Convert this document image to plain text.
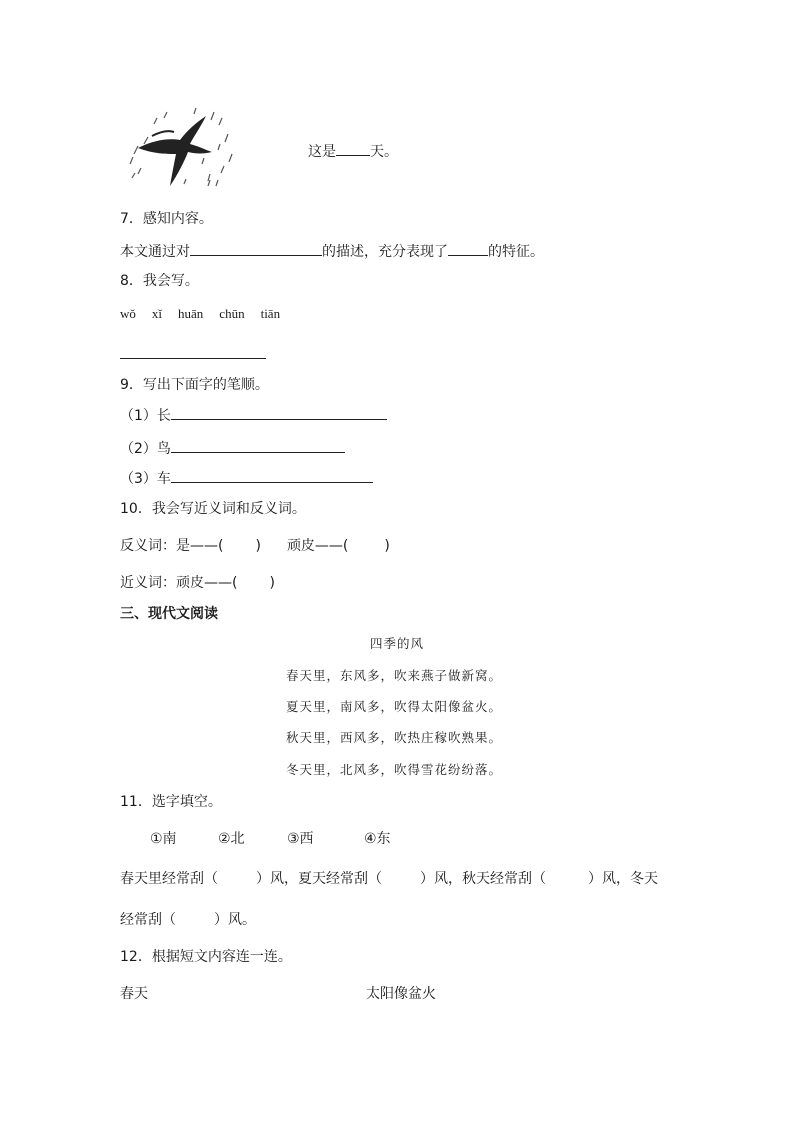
这是 天。
7．感知内容。
本文通过对	的描述，充分表现了	的特征。
8．我会写。
wǒ xǐ huān chūn tiān
9．写出下面字的笔顺。
（1）长
（2）鸟
（3）车
10．我会写近义词和反义词。
反义词：是——( ) 顽皮——(	)
近义词：顽皮——( )
三、现代文阅读
四季的风
春天里，东风多，吹来燕子做新窝。
夏天里，南风多，吹得太阳像盆火。
秋天里，西风多，吹热庄稼吹熟果。
冬天里，北风多，吹得雪花纷纷落。
11．选字填空。
①南	②北	③西	④东
春天里经常刮（	）风，夏天经常刮（	）风，秋天经常刮（	）风，冬天
经常刮（	）风。
12．根据短文内容连一连。
春天	太阳像盆火
